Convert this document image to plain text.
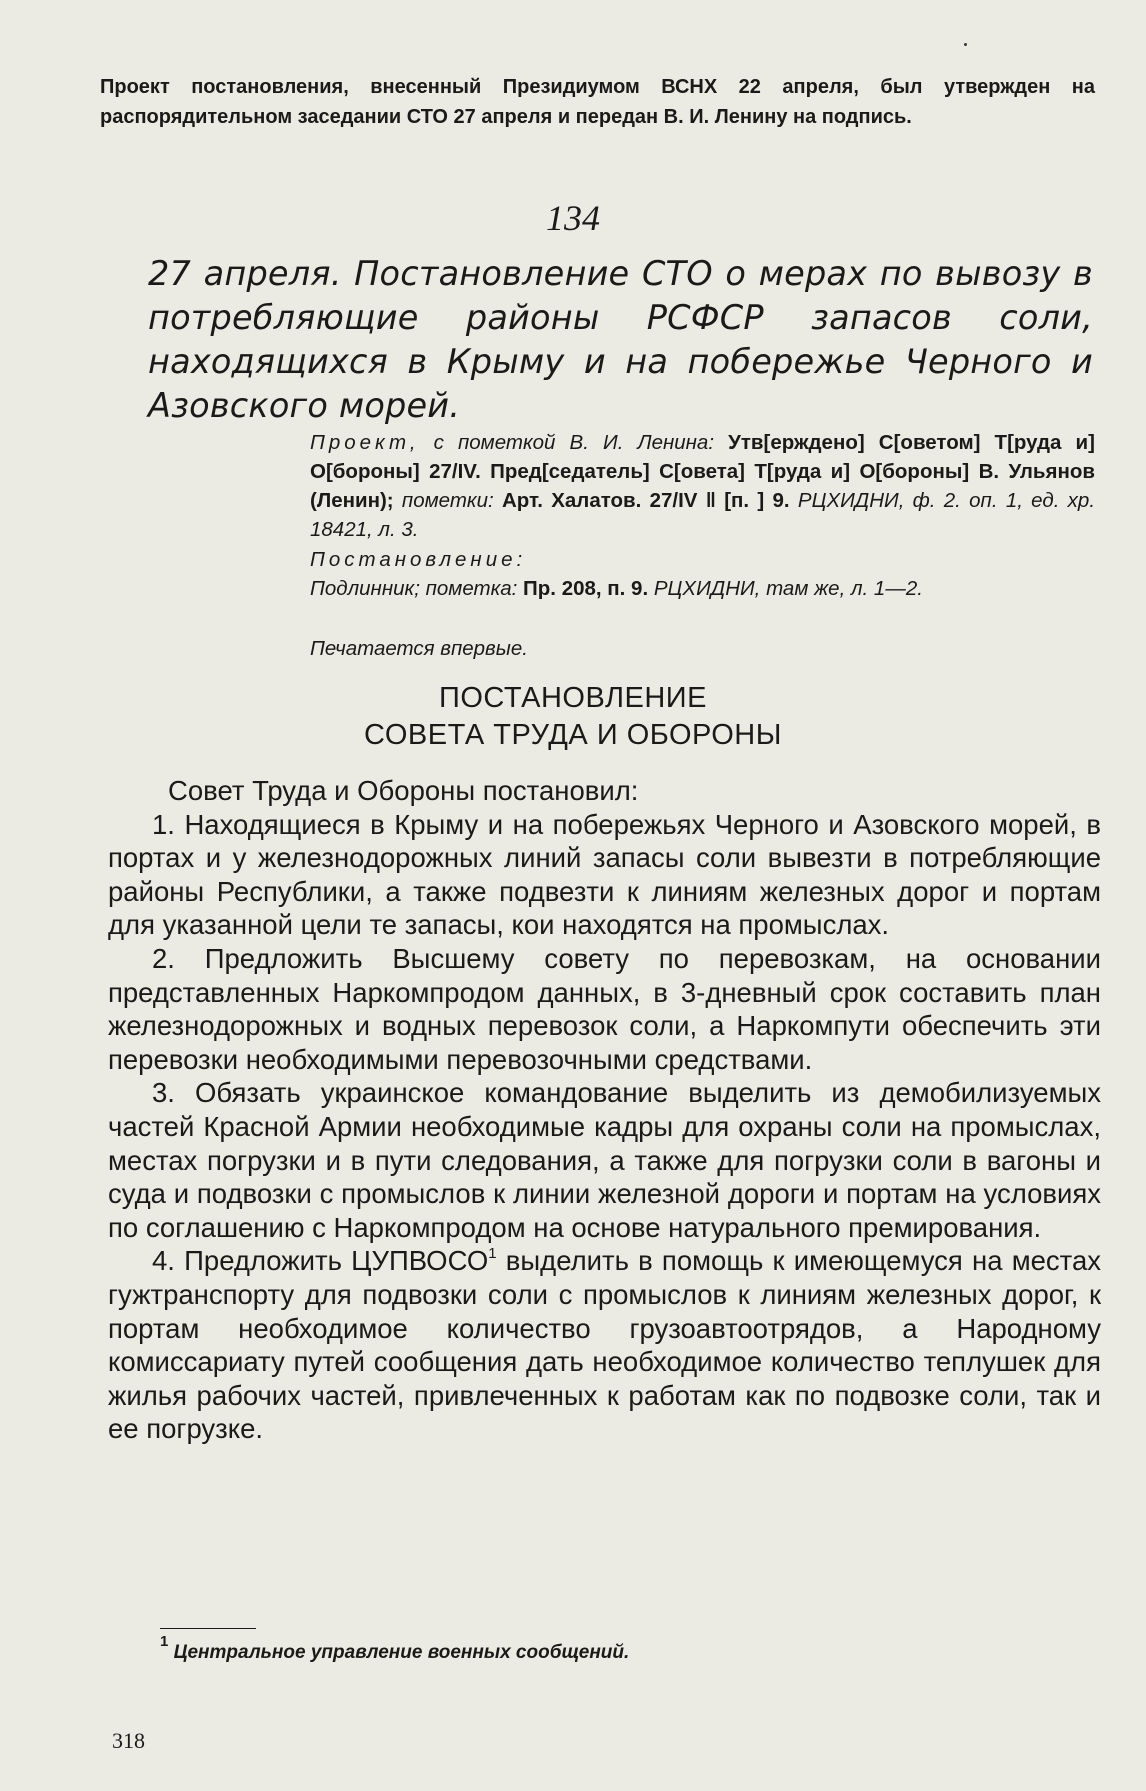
Проект постановления, внесенный Президиумом ВСНХ 22 апреля, был утвержден на распорядительном заседании СТО 27 апреля и передан В. И. Ленину на подпись.
134
27 апреля. Постановление СТО о мерах по вывозу в потребляющие районы РСФСР запасов соли, находящихся в Крыму и на побережье Черного и Азовского морей.
Проект, с пометкой В. И. Ленина: Утв[ерждено] С[оветом] Т[руда и] О[бороны] 27/IV. Пред[седатель] С[овета] Т[руда и] О[бороны] В. Ульянов (Ленин); пометки: Арт. Халатов. 27/IV ‖ [п. ] 9. РЦХИДНИ, ф. 2. оп. 1, ед. хр. 18421, л. 3.
Постановление:
Подлинник; пометка: Пр. 208, п. 9. РЦХИДНИ, там же, л. 1—2.
Печатается впервые.
ПОСТАНОВЛЕНИЕ
СОВЕТА ТРУДА И ОБОРОНЫ

Совет Труда и Обороны постановил:

1. Находящиеся в Крыму и на побережьях Черного и Азовского морей, в портах и у железнодорожных линий запасы соли вывезти в потребляющие районы Республики, а также подвезти к линиям железных дорог и портам для указанной цели те запасы, кои находятся на промыслах.

2. Предложить Высшему совету по перевозкам, на основании представленных Наркомпродом данных, в 3-дневный срок составить план железнодорожных и водных перевозок соли, а Наркомпути обеспечить эти перевозки необходимыми перевозочными средствами.

3. Обязать украинское командование выделить из демобилизуемых частей Красной Армии необходимые кадры для охраны соли на промыслах, местах погрузки и в пути следования, а также для погрузки соли в вагоны и суда и подвозки с промыслов к линии железной дороги и портам на условиях по соглашению с Наркомпродом на основе натурального премирования.

4. Предложить ЦУПВОСО$^1$ выделить в помощь к имеющемуся на местах гужтранспорту для подвозки соли с промыслов к линиям железных дорог, к портам необходимое количество грузоавтоотрядов, а Народному комиссариату путей сообщения дать необходимое количество теплушек для жилья рабочих частей, привлеченных к работам как по подвозке соли, так и ее погрузке.

$^1$ Центральное управление военных сообщений.
318
